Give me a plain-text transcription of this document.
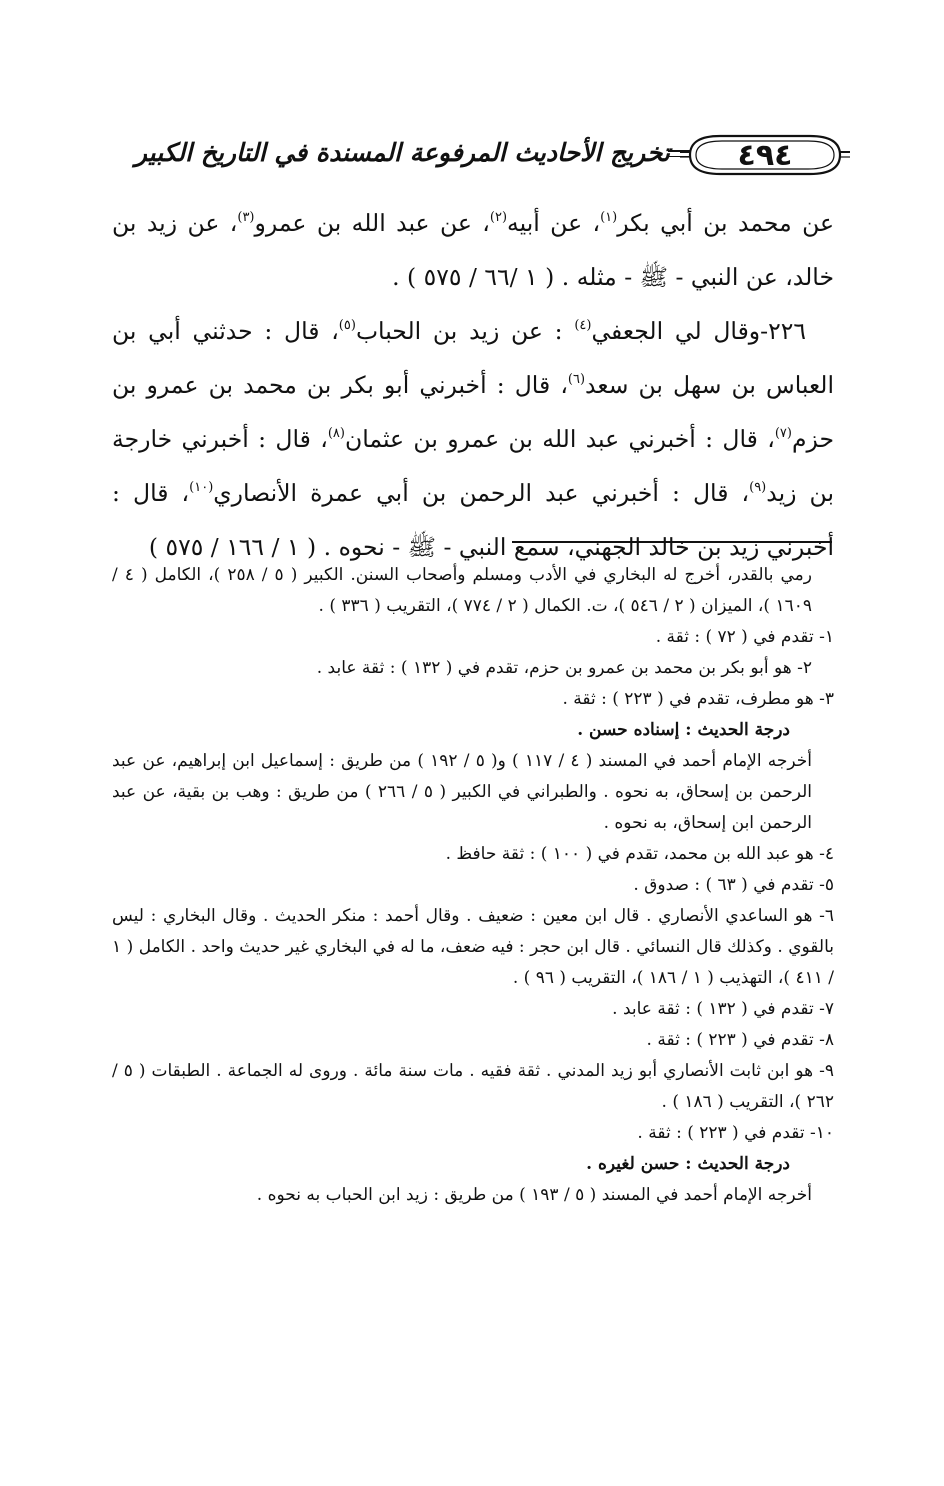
٤٩٤
تخريج الأحاديث المرفوعة المسندة في التاريخ الكبير

عن محمد بن أبي بكر$^{(١)}$، عن أبيه$^{(٢)}$، عن عبد الله بن عمرو$^{(٣)}$، عن زيد بن خالد، عن النبي - ﷺ - مثله . ( ١ /٦٦ / ٥٧٥ ) .

٢٢٦-وقال لي الجعفي$^{(٤)}$ : عن زيد بن الحباب$^{(٥)}$، قال : حدثني أبي بن العباس بن سهل بن سعد$^{(٦)}$، قال : أخبرني أبو بكر بن محمد بن عمرو بن حزم$^{(٧)}$، قال : أخبرني عبد الله بن عمرو بن عثمان$^{(٨)}$، قال : أخبرني خارجة بن زيد$^{(٩)}$، قال : أخبرني عبد الرحمن بن أبي عمرة الأنصاري$^{(١٠)}$، قال : أخبرني زيد بن خالد الجهني، سمع النبي - ﷺ - نحوه . ( ١ / ١٦٦ / ٥٧٥ )

رمي بالقدر، أخرج له البخاري في الأدب ومسلم وأصحاب السنن. الكبير ( ٥ / ٢٥٨ )، الكامل ( ٤ / ١٦٠٩ )، الميزان ( ٢ / ٥٤٦ )، ت. الكمال ( ٢ / ٧٧٤ )، التقريب ( ٣٣٦ ) .

١- تقدم في ( ٧٢ ) : ثقة .

٢- هو أبو بكر بن محمد بن عمرو بن حزم، تقدم في ( ١٣٢ ) : ثقة عابد .

٣- هو مطرف، تقدم في ( ٢٢٣ ) : ثقة .

درجة الحديث : إسناده حسن .

أخرجه الإمام أحمد في المسند ( ٤ / ١١٧ ) و( ٥ / ١٩٢ ) من طريق : إسماعيل ابن إبراهيم، عن عبد الرحمن بن إسحاق، به نحوه . والطبراني في الكبير ( ٥ / ٢٦٦ ) من طريق : وهب بن بقية، عن عبد الرحمن ابن إسحاق، به نحوه .

٤- هو عبد الله بن محمد، تقدم في ( ١٠٠ ) : ثقة حافظ .

٥- تقدم في ( ٦٣ ) : صدوق .

٦- هو الساعدي الأنصاري . قال ابن معين : ضعيف . وقال أحمد : منكر الحديث . وقال البخاري : ليس بالقوي . وكذلك قال النسائي . قال ابن حجر : فيه ضعف، ما له في البخاري غير حديث واحد . الكامل ( ١ / ٤١١ )، التهذيب ( ١ / ١٨٦ )، التقريب ( ٩٦ ) .

٧- تقدم في ( ١٣٢ ) : ثقة عابد .

٨- تقدم في ( ٢٢٣ ) : ثقة .

٩- هو ابن ثابت الأنصاري أبو زيد المدني . ثقة فقيه . مات سنة مائة . وروى له الجماعة . الطبقات ( ٥ / ٢٦٢ )، التقريب ( ١٨٦ ) .

١٠- تقدم في ( ٢٢٣ ) : ثقة .

درجة الحديث : حسن لغيره .

أخرجه الإمام أحمد في المسند ( ٥ / ١٩٣ ) من طريق : زيد ابن الحباب به نحوه .
